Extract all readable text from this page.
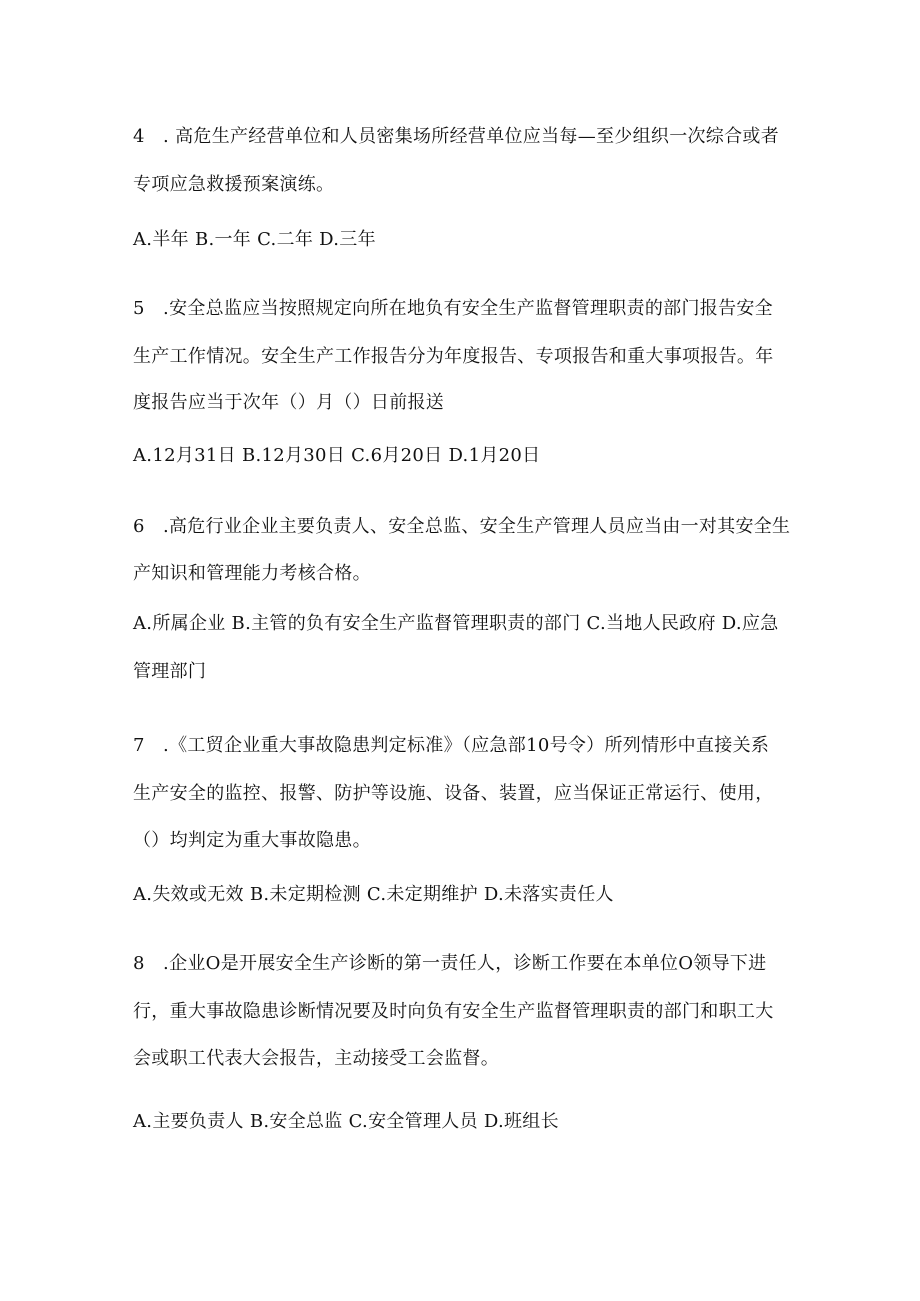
4　. 高危生产经营单位和人员密集场所经营单位应当每—至少组织一次综合或者
专项应急救援预案演练。
A.半年 B.一年 C.二年 D.三年
5　.安全总监应当按照规定向所在地负有安全生产监督管理职责的部门报告安全
生产工作情况。安全生产工作报告分为年度报告、专项报告和重大事项报告。年
度报告应当于次年（）月（）日前报送
A.12月31日 B.12月30日 C.6月20日 D.1月20日
6　.高危行业企业主要负责人、安全总监、安全生产管理人员应当由一对其安全生
产知识和管理能力考核合格。
A.所属企业 B.主管的负有安全生产监督管理职责的部门 C.当地人民政府 D.应急
管理部门
7　.《工贸企业重大事故隐患判定标准》（应急部10号令）所列情形中直接关系
生产安全的监控、报警、防护等设施、设备、装置，应当保证正常运行、使用，
（）均判定为重大事故隐患。
A.失效或无效 B.未定期检测 C.未定期维护 D.未落实责任人
8　.企业O是开展安全生产诊断的第一责任人，诊断工作要在本单位O领导下进
行，重大事故隐患诊断情况要及时向负有安全生产监督管理职责的部门和职工大
会或职工代表大会报告，主动接受工会监督。
A.主要负责人 B.安全总监 C.安全管理人员 D.班组长
